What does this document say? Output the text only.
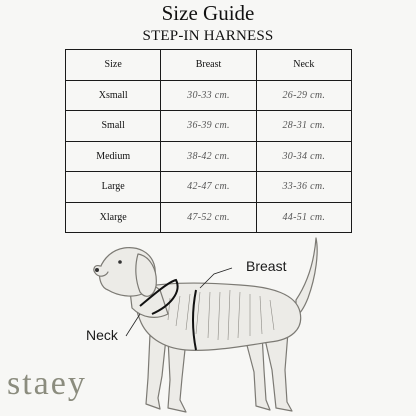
Size Guide
STEP-IN HARNESS
Size	Breast	Neck
Xsmall	30-33 cm.	26-29 cm.
Small	36-39 cm.	28-31 cm.
Medium	38-42 cm.	30-34 cm.
Large	42-47 cm.	33-36 cm.
Xlarge	47-52 cm.	44-51 cm.
Breast
Neck
staey
